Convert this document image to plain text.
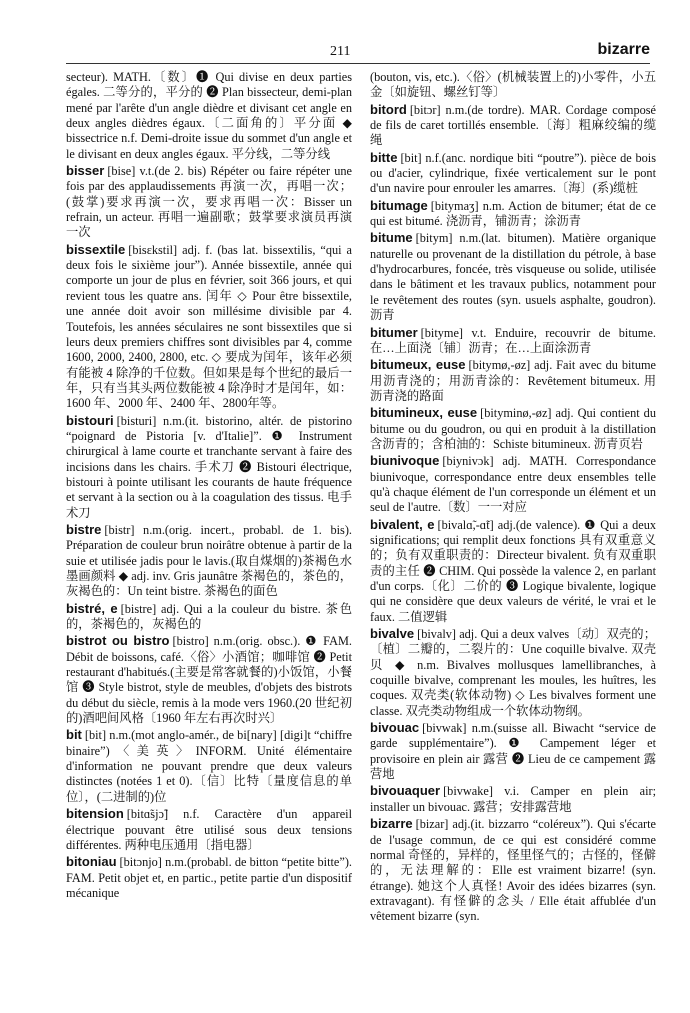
211	bizarre
secteur). MATH.〔数〕❶ Qui divise en deux parties égales. 二等分的，平分的 ❷ Plan bissecteur, demi-plan mené par l'arête d'un angle dièdre et divisant cet angle en deux angles dièdres égaux.〔二面角的〕平分面 ◆ bissectrice n.f. Demi-droite issue du sommet d'un angle et le divisant en deux angles égaux. 平分线，二等分线
bisser [bise] v.t.(de 2. bis) Répéter ou faire répéter une fois par des applaudissements 再演一次，再唱一次；(鼓掌)要求再演一次，要求再唱一次：Bisser un refrain, un acteur. 再唱一遍副歌；鼓掌要求演员再演一次
bissextile [bisɛkstil] adj. f. (bas lat. bissextilis, “qui a deux fois le sixième jour”). Année bissextile, année qui comporte un jour de plus en février, soit 366 jours, et qui revient tous les quatre ans. 闰年 ◇ Pour être bissextile, une année doit avoir son millésime divisible par 4. Toutefois, les années séculaires ne sont bissextiles que si leurs deux premiers chiffres sont divisibles par 4, comme 1600, 2000, 2400, 2800, etc. ◇ 要成为闰年，该年必须有能被 4 除净的千位数。但如果是每个世纪的最后一年，只有当其头两位数能被 4 除净时才是闰年，如：1600 年、2000 年、2400 年、2800年等。
bistouri [bisturi] n.m.(it. bistorino, altér. de pistorino “poignard de Pistoria [v. d'Italie]”. ❶ Instrument chirurgical à lame courte et tranchante servant à faire des incisions dans les chairs. 手术刀 ❷ Bistouri électrique, bistouri à pointe utilisant les courants de haute fréquence et servant à la section ou à la coagulation des tissus. 电手术刀
bistre [bistr] n.m.(orig. incert., probabl. de 1. bis). Préparation de couleur brun noirâtre obtenue à partir de la suie et utilisée jadis pour le lavis.(取自煤烟的)茶褐色水墨画颜料 ◆ adj. inv. Gris jaunâtre 茶褐色的，茶色的，灰褐色的：Un teint bistre. 茶褐色的面色
bistré, e [bistre] adj. Qui a la couleur du bistre. 茶色的，茶褐色的，灰褐色的
bistrot ou bistro [bistro] n.m.(orig. obsc.). ❶ FAM. Débit de boissons, café.〈俗〉小酒馆；咖啡馆 ❷ Petit restaurant d'habitués.(主要是常客就餐的)小饭馆，小餐馆 ❸ Style bistrot, style de meubles, d'objets des bistrots du début du siècle, remis à la mode vers 1960.(20 世纪初的)酒吧间风格〔1960 年左右再次时兴〕
bit [bit] n.m.(mot anglo-amér., de bi[nary] [digi]t “chiffre binaire”)〈美英〉INFORM. Unité élémentaire d'information ne pouvant prendre que deux valeurs distinctes (notées 1 et 0).〔信〕比特〔量度信息的单位〕，(二进制的)位
bitension [bitɑ̃sjɔ̃] n.f. Caractère d'un appareil électrique pouvant être utilisé sous deux tensions différentes. 两种电压通用〔指电器〕
bitoniau [bitɔnjo] n.m.(probabl. de bitton “petite bitte”). FAM. Petit objet et, en partic., petite partie d'un dispositif mécanique
(bouton, vis, etc.).〈俗〉(机械装置上的)小零件，小五金〔如旋钮、螺丝钉等〕
bitord [bitɔr] n.m.(de tordre). MAR. Cordage composé de fils de caret tortillés ensemble.〔海〕粗麻绞编的缆绳
bitte [bit] n.f.(anc. nordique biti “poutre”). pièce de bois ou d'acier, cylindrique, fixée verticalement sur le pont d'un navire pour enrouler les amarres.〔海〕(系)缆桩
bitumage [bitymaʒ] n.m. Action de bitumer; état de ce qui est bitumé. 浇沥青，铺沥青；涂沥青
bitume [bitym] n.m.(lat. bitumen). Matière organique naturelle ou provenant de la distillation du pétrole, à base d'hydrocarbures, foncée, très visqueuse ou solide, utilisée dans le bâtiment et les travaux publics, notamment pour le revêtement des routes (syn. usuels asphalte, goudron). 沥青
bitumer [bityme] v.t. Enduire, recouvrir de bitume. 在…上面浇〔铺〕沥青；在…上面涂沥青
bitumeux, euse [bitymø,-øz] adj. Fait avec du bitume 用沥青浇的；用沥青涂的：Revêtement bitumeux. 用沥青浇的路面
bitumineux, euse [bityminø,-øz] adj. Qui contient du bitume ou du goudron, ou qui en produit à la distillation 含沥青的；含柏油的：Schiste bitumineux. 沥青页岩
biunivoque [biynivɔk] adj. MATH. Correspondance biunivoque, correspondance entre deux ensembles telle qu'à chaque élément de l'un corresponde un élément et un seul de l'autre.〔数〕一一对应
bivalent, e [bivalɑ̃,-ɑ̃t] adj.(de valence). ❶ Qui a deux significations; qui remplit deux fonctions 具有双重意义的；负有双重职责的：Directeur bivalent. 负有双重职责的主任 ❷ CHIM. Qui possède la valence 2, en parlant d'un corps.〔化〕二价的 ❸ Logique bivalente, logique qui ne considère que deux valeurs de vérité, le vrai et le faux. 二值逻辑
bivalve [bivalv] adj. Qui a deux valves〔动〕双壳的；〔植〕二瓣的，二裂片的：Une coquille bivalve. 双壳贝 ◆ n.m. Bivalves mollusques lamellibranches, à coquille bivalve, comprenant les moules, les huîtres, les coques. 双壳类(软体动物) ◇ Les bivalves forment une classe. 双壳类动物组成一个软体动物纲。
bivouac [bivwak] n.m.(suisse all. Biwacht “service de garde supplémentaire”). ❶ Campement léger et provisoire en plein air 露营 ❷ Lieu de ce campement 露营地
bivouaquer [bivwake] v.i. Camper en plein air; installer un bivouac. 露营；安排露营地
bizarre [bizar] adj.(it. bizzarro “coléreux”). Qui s'écarte de l'usage commun, de ce qui est considéré comme normal 奇怪的，异样的，怪里怪气的；古怪的，怪僻的，无法理解的：Elle est vraiment bizarre! (syn. étrange). 她这个人真怪! Avoir des idées bizarres (syn. extravagant). 有怪僻的念头 / Elle était affublée d'un vêtement bizarre (syn.
